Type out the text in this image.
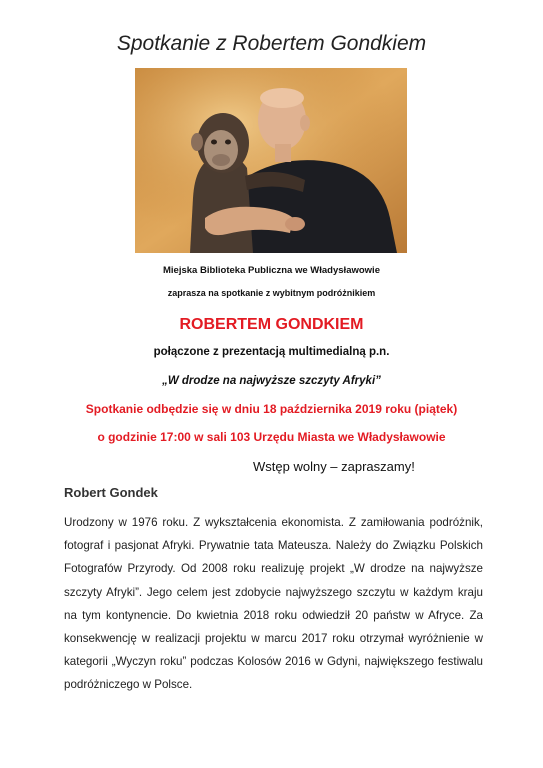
Spotkanie z Robertem Gondkiem
Miejska Biblioteka Publiczna we Władysławowie
zaprasza na spotkanie z wybitnym podróżnikiem
ROBERTEM GONDKIEM
połączone z prezentacją multimedialną p.n.
„W drodze na najwyższe szczyty Afryki”
Spotkanie odbędzie się w dniu 18 października 2019 roku (piątek)
o godzinie 17:00 w sali 103 Urzędu Miasta we Władysławowie
Wstęp wolny – zapraszamy!
Robert Gondek
Urodzony w 1976 roku. Z wykształcenia ekonomista. Z zamiłowania podróżnik, fotograf i pasjonat Afryki. Prywatnie tata Mateusza. Należy do Związku Polskich Fotografów Przyrody. Od 2008 roku realizuję projekt „W drodze na najwyższe szczyty Afryki”. Jego celem jest zdobycie najwyższego szczytu w każdym kraju na tym kontynencie. Do kwietnia 2018 roku odwiedził 20 państw w Afryce. Za konsekwencję w realizacji projektu w marcu 2017 roku otrzymał wyróżnienie w kategorii „Wyczyn roku” podczas Kolosów 2016 w Gdyni, największego festiwalu podróżniczego w Polsce.
